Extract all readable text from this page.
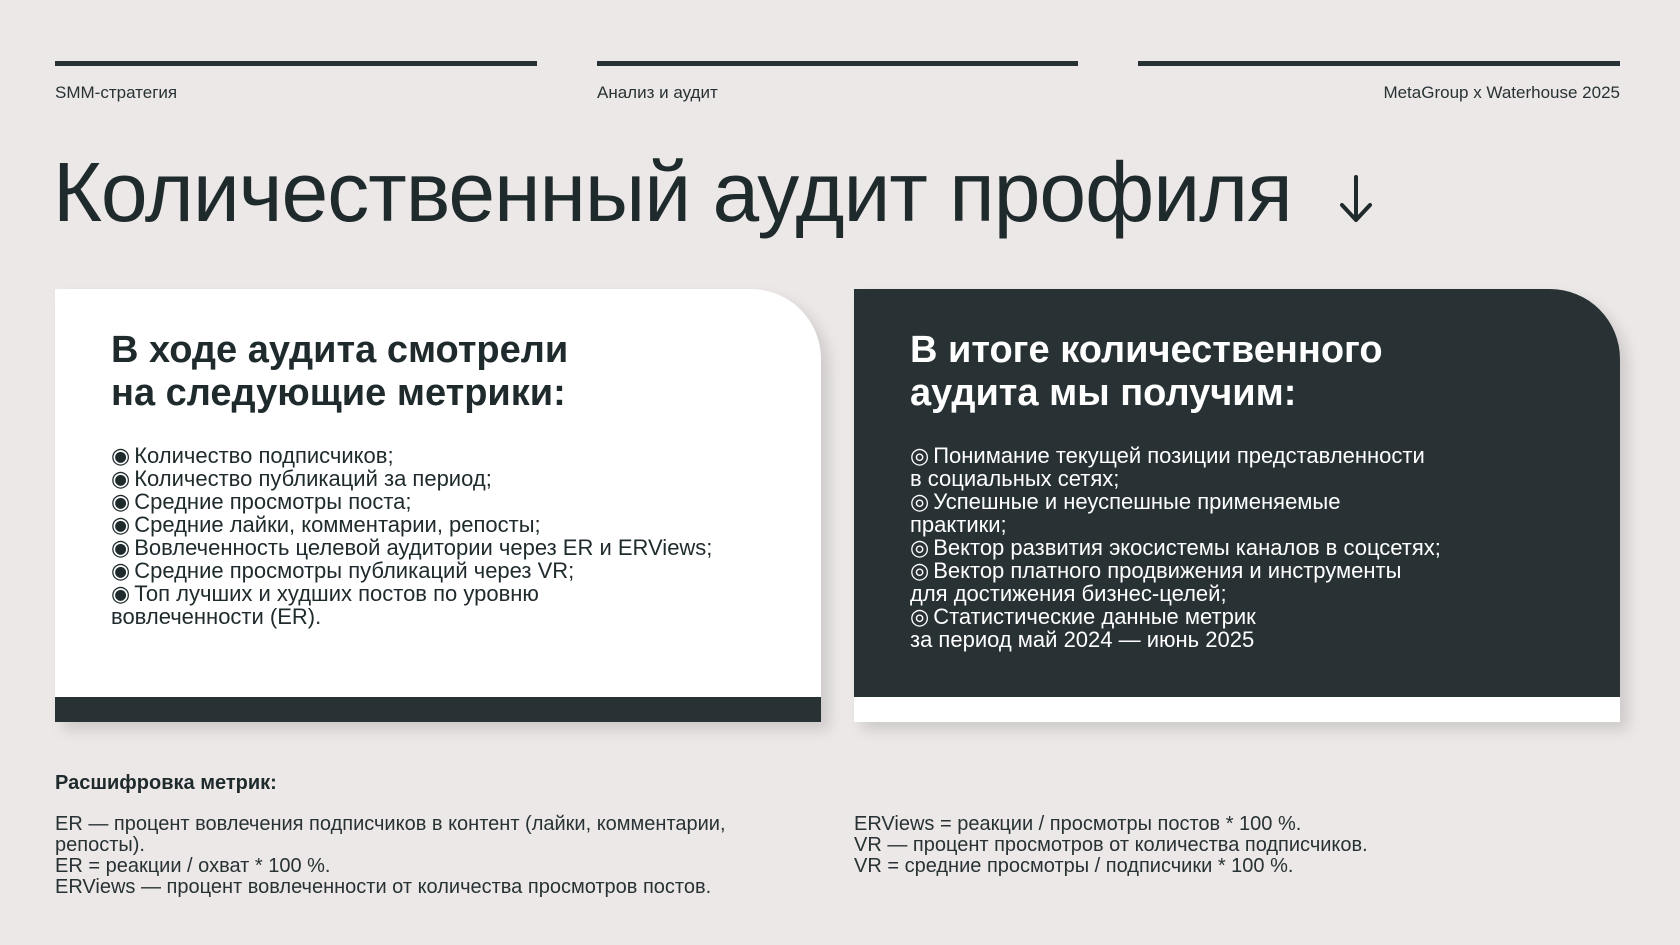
SMM-стратегия	Анализ и аудит	MetaGroup x Waterhouse 2025
Количественный аудит профиля
В ходе аудита смотрели
на следующие метрики:
◉ Количество подписчиков;
◉ Количество публикаций за период;
◉ Средние просмотры поста;
◉ Средние лайки, комментарии, репосты;
◉ Вовлеченность целевой аудитории через ER и ERViews;
◉ Средние просмотры публикаций через VR;
◉ Топ лучших и худших постов по уровню
вовлеченности (ER).
В итоге количественного
аудита мы получим:
◎ Понимание текущей позиции представленности
в социальных сетях;
◎ Успешные и неуспешные применяемые
практики;
◎ Вектор развития экосистемы каналов в соцсетях;
◎ Вектор платного продвижения и инструменты
для достижения бизнес-целей;
◎ Статистические данные метрик
за период май 2024 — июнь 2025
Расшифровка метрик:
ER — процент вовлечения подписчиков в контент (лайки, комментарии,
репосты).
ER = реакции / охват * 100 %.
ERViews — процент вовлеченности от количества просмотров постов.
ERViews = реакции / просмотры постов * 100 %.
VR — процент просмотров от количества подписчиков.
VR = средние просмотры / подписчики * 100 %.
